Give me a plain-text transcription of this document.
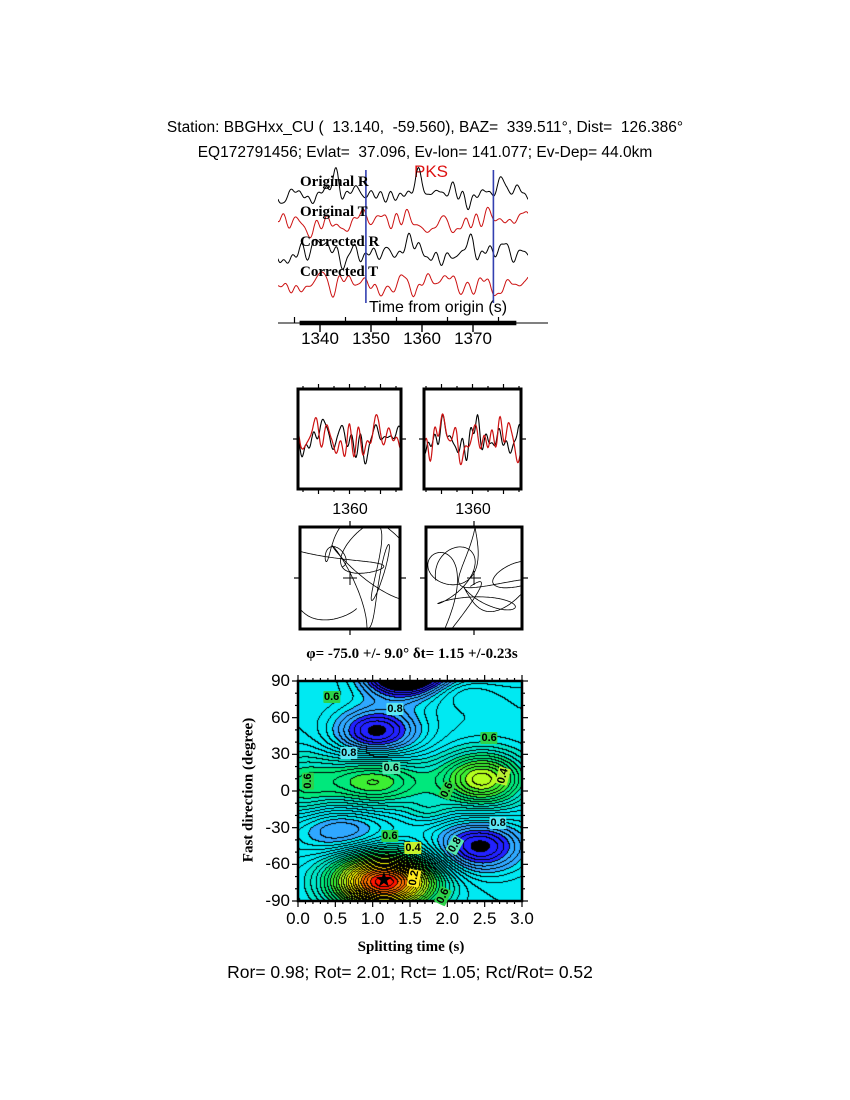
Station: BBGHxx_CU (  13.140,  -59.560), BAZ=  339.511°, Dist=  126.386°
EQ172791456; Evlat=  37.096, Ev-lon= 141.077; Ev-Dep= 44.0km
PKS
Original R
Original T
Corrected R
Corrected T
Time from origin (s)
1340 1350 1360 1370
1360	1360
φ= -75.0 +/- 9.0° δt= 1.15 +/-0.23s
Fast direction (degree)
90
60
30
0
-30
-60
-90
0.0 0.5 1.0 1.5 2.0 2.5 3.0
0.6
0.8
0.8
0.6
0.6
0.4
0.6
0.8
0.8
0.6
0.4
0.2
0.6
0.6
★
Splitting time (s)
Ror= 0.98; Rot= 2.01; Rct= 1.05; Rct/Rot= 0.52
